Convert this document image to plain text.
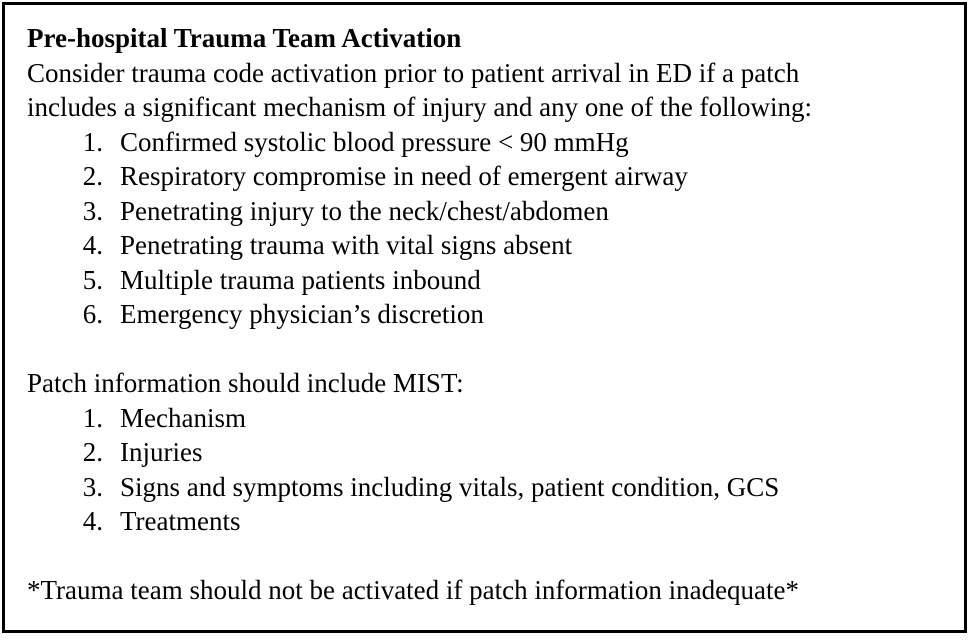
Pre-hospital Trauma Team Activation

Consider trauma code activation prior to patient arrival in ED if a patch

includes a significant mechanism of injury and any one of the following:

1. Confirmed systolic blood pressure < 90 mmHg
2. Respiratory compromise in need of emergent airway
3. Penetrating injury to the neck/chest/abdomen
4. Penetrating trauma with vital signs absent
5. Multiple trauma patients inbound
6. Emergency physician’s discretion

Patch information should include MIST:

1. Mechanism
2. Injuries
3. Signs and symptoms including vitals, patient condition, GCS
4. Treatments

*Trauma team should not be activated if patch information inadequate*
